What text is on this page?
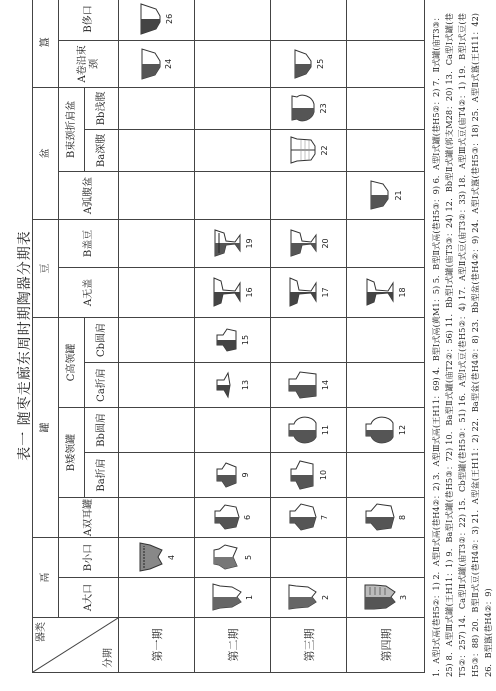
表一 随枣走廊东周时期陶器分期表
器类
分期	鬲		罐					豆		盆			簋	
	A大口	B小口	A双耳罐	B矮领罐		C高领罐		A无盖	B盖豆	A弧腹盆	B束颈折肩盆		A卷沿束颈	B侈口
				Ba折肩	Bb圆肩	Ca折肩	Cb圆肩				Ba深腹	Bb浅腹		
第一期		4											24	26
第二期	1	5	6	9		13	15	16	19					
第三期	2		7	10	11	14		17	20		22	23	25	
第四期	3		8		12			18		21					1．A型Ⅰ式鬲(巷H5②：1) 2．A型Ⅱ式鬲(巷H4②：2) 3．A型Ⅲ式鬲(王H11：69) 4．B型Ⅰ式鬲(黄M1：5) 5．B型Ⅱ式鬲(巷H5③：9) 6．A型Ⅰ式罐(巷H5②：2) 7．Ⅱ式罐(庙T3③：25) 8．A型Ⅲ式罐(王H11：1) 9．Ba型Ⅰ式罐(巷H5③：72) 10．Ba型Ⅱ式罐(庙T2②：56) 11．Bb型Ⅰ式罐(庙T3③：24) 12．Bb型Ⅱ式罐(郭支M28：20) 13．Ca型Ⅰ式罐(巷T5②：257) 14．Ca型Ⅱ式罐(庙T3②：22) 15．Cb型罐(巷H5③：51) 16．A型Ⅰ式豆(巷H5②：4) 17．A型Ⅱ式豆(庙T3②：33) 18．A型Ⅲ式豆(庙T4②：1) 19．B型Ⅰ式豆(巷H5③：88) 20．B型Ⅱ式豆(巷H4②：3) 21．A型盆(王H11：2) 22．Ba型盆(巷H4②：8) 23．Bb型盆(巷H4②：9) 24．A型Ⅰ式簋(巷H5③：18) 25．A型Ⅱ式簋(王H11：42) 26．B型簋(巷H4②：9)
